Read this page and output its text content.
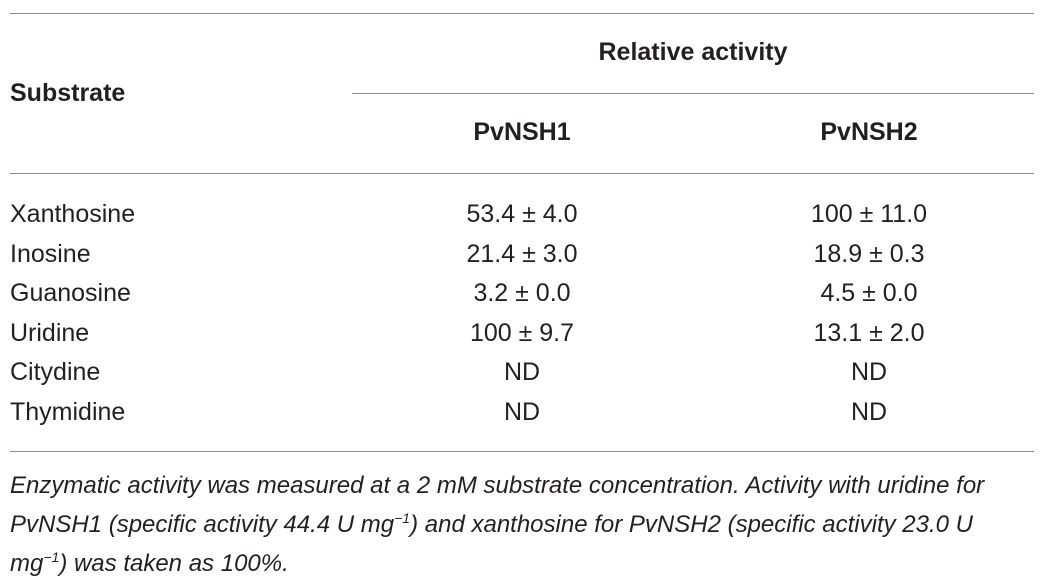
Relative activity
Substrate
PvNSH1	PvNSH2
Xanthosine	53.4 ± 4.0	100 ± 11.0
Inosine	21.4 ± 3.0	18.9 ± 0.3
Guanosine	3.2 ± 0.0	4.5 ± 0.0
Uridine	100 ± 9.7	13.1 ± 2.0
Citydine	ND	ND
Thymidine	ND	ND
Enzymatic activity was measured at a 2 mM substrate concentration. Activity with uridine for PvNSH1 (specific activity 44.4 U $mg^{-1}$) and xanthosine for PvNSH2 (specific activity 23.0 U $mg^{-1}$) was taken as 100%.
